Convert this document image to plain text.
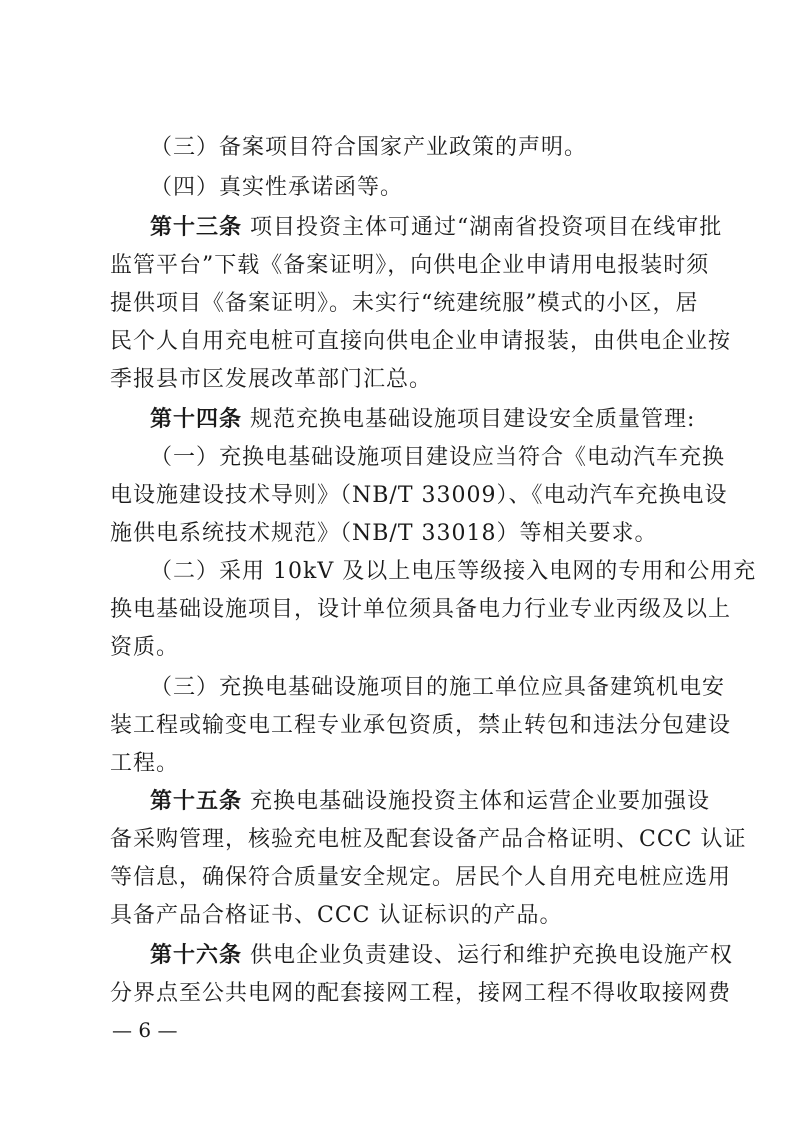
（三）备案项目符合国家产业政策的声明。
（四）真实性承诺函等。
第十三条 项目投资主体可通过“湖南省投资项目在线审批
监管平台”下载《备案证明》，向供电企业申请用电报装时须
提供项目《备案证明》。未实行“统建统服”模式的小区，居
民个人自用充电桩可直接向供电企业申请报装，由供电企业按
季报县市区发展改革部门汇总。
第十四条 规范充换电基础设施项目建设安全质量管理:
（一）充换电基础设施项目建设应当符合《电动汽车充换
电设施建设技术导则》（NB/T 33009）、《电动汽车充换电设
施供电系统技术规范》（NB/T 33018）等相关要求。
（二）采用 10kV 及以上电压等级接入电网的专用和公用充
换电基础设施项目，设计单位须具备电力行业专业丙级及以上
资质。
（三）充换电基础设施项目的施工单位应具备建筑机电安
装工程或输变电工程专业承包资质，禁止转包和违法分包建设
工程。
第十五条 充换电基础设施投资主体和运营企业要加强设
备采购管理，核验充电桩及配套设备产品合格证明、CCC 认证
等信息，确保符合质量安全规定。居民个人自用充电桩应选用
具备产品合格证书、CCC 认证标识的产品。
第十六条 供电企业负责建设、运行和维护充换电设施产权
分界点至公共电网的配套接网工程，接网工程不得收取接网费
— 6 —
